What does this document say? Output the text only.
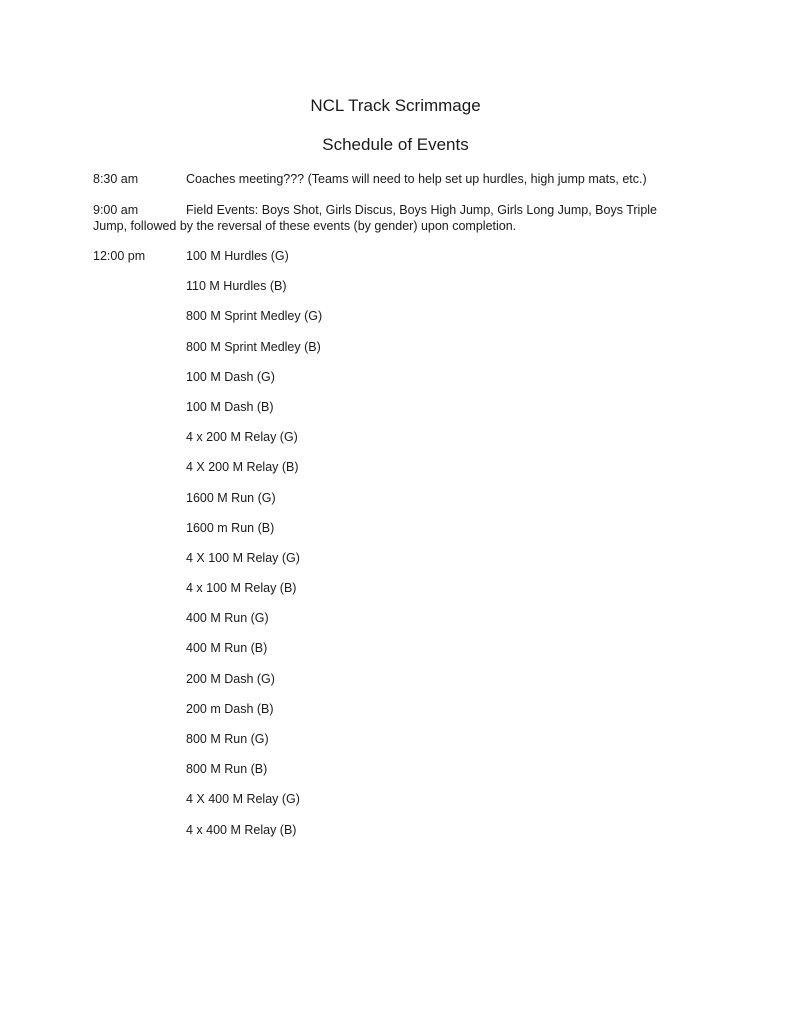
NCL Track Scrimmage
Schedule of Events
8:30 am	Coaches meeting??? (Teams will need to help set up hurdles, high jump mats, etc.)
9:00 am	Field Events: Boys Shot, Girls Discus, Boys High Jump, Girls Long Jump, Boys Triple
Jump, followed by the reversal of these events (by gender) upon completion.
12:00 pm	100 M Hurdles (G)
110 M Hurdles (B)
800 M Sprint Medley (G)
800 M Sprint Medley (B)
100 M Dash (G)
100 M Dash (B)
4 x 200 M Relay (G)
4 X 200 M Relay (B)
1600 M Run (G)
1600 m Run (B)
4 X 100 M Relay (G)
4 x 100 M Relay (B)
400 M Run (G)
400 M Run (B)
200 M Dash (G)
200 m Dash (B)
800 M Run (G)
800 M Run (B)
4 X 400 M Relay (G)
4 x 400 M Relay (B)
